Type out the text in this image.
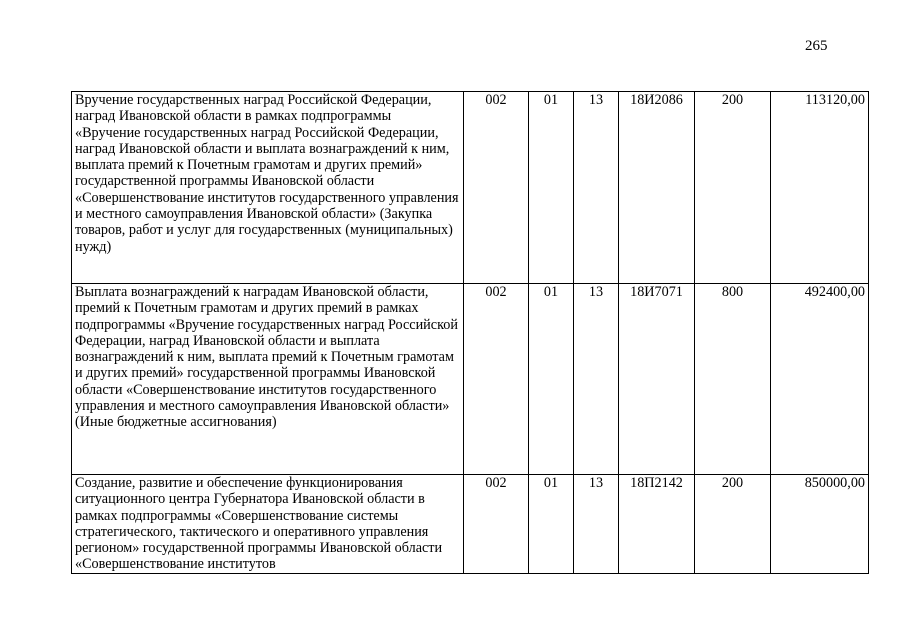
265
Вручение государственных наград Российской Федерации, наград Ивановской области в рамках подпрограммы «Вручение государственных наград Российской Федерации, наград Ивановской области и выплата вознаграждений к ним, выплата премий к Почетным грамотам и других премий» государственной программы Ивановской области «Совершенствование институтов государственного управления и местного самоуправления Ивановской области» (Закупка товаров, работ и услуг для государственных (муниципальных) нужд)	002	01	13	18И2086	200	113120,00
Выплата вознаграждений к наградам Ивановской области, премий к Почетным грамотам и других премий в рамках подпрограммы «Вручение государственных наград Российской Федерации, наград Ивановской области и выплата вознаграждений к ним, выплата премий к Почетным грамотам и других премий» государственной программы Ивановской области «Совершенствование институтов государственного управления и местного самоуправления Ивановской области» (Иные бюджетные ассигнования)	002	01	13	18И7071	800	492400,00
Создание, развитие и обеспечение функционирования ситуационного центра Губернатора Ивановской области в рамках подпрограммы «Совершенствование системы стратегического, тактического и оперативного управления регионом» государственной программы Ивановской области «Совершенствование институтов	002	01	13	18П2142	200	850000,00
